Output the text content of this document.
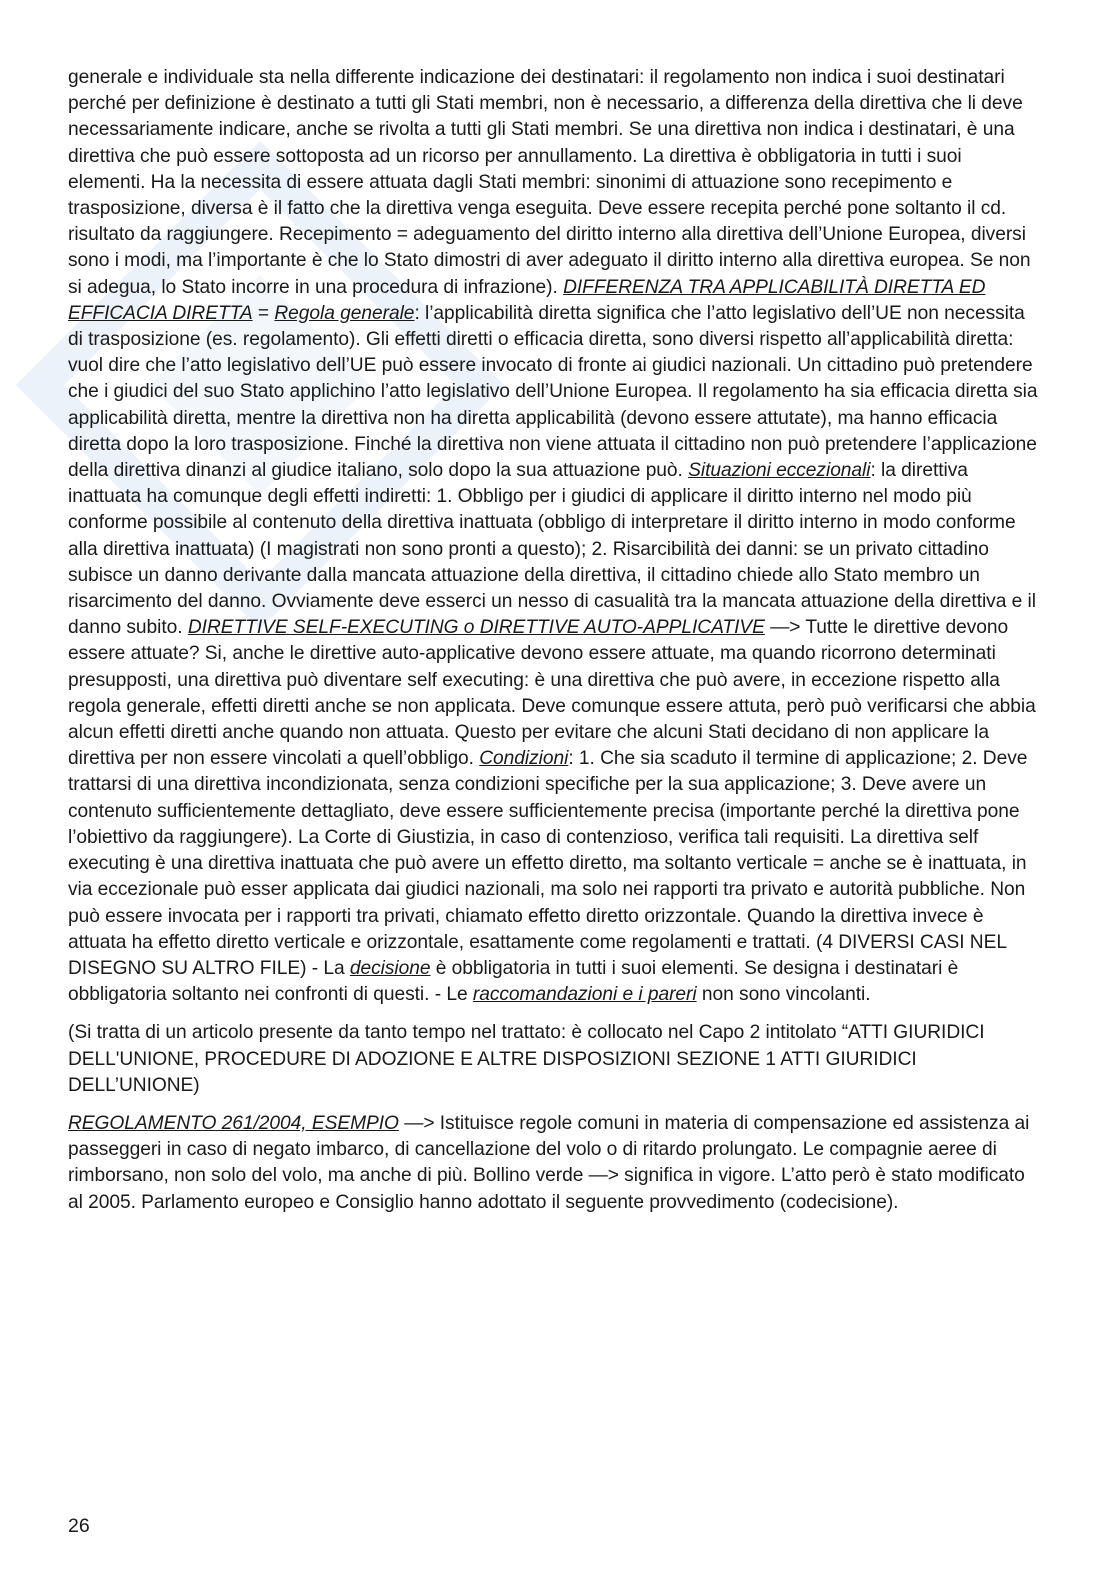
generale e individuale sta nella differente indicazione dei destinatari: il regolamento non indica i suoi destinatari perché per definizione è destinato a tutti gli Stati membri, non è necessario, a differenza della direttiva che li deve necessariamente indicare, anche se rivolta a tutti gli Stati membri. Se una direttiva non indica i destinatari, è una direttiva che può essere sottoposta ad un ricorso per annullamento. La direttiva è obbligatoria in tutti i suoi elementi. Ha la necessita di essere attuata dagli Stati membri: sinonimi di attuazione sono recepimento e trasposizione, diversa è il fatto che la direttiva venga eseguita. Deve essere recepita perché pone soltanto il cd. risultato da raggiungere. Recepimento = adeguamento del diritto interno alla direttiva dell’Unione Europea, diversi sono i modi, ma l’importante è che lo Stato dimostri di aver adeguato il diritto interno alla direttiva europea. Se non si adegua, lo Stato incorre in una procedura di infrazione). DIFFERENZA TRA APPLICABILITÀ DIRETTA ED EFFICACIA DIRETTA = Regola generale: l’applicabilità diretta significa che l’atto legislativo dell’UE non necessita di trasposizione (es. regolamento). Gli effetti diretti o efficacia diretta, sono diversi rispetto all’applicabilità diretta: vuol dire che l’atto legislativo dell’UE può essere invocato di fronte ai giudici nazionali. Un cittadino può pretendere che i giudici del suo Stato applichino l’atto legislativo dell’Unione Europea. Il regolamento ha sia efficacia diretta sia applicabilità diretta, mentre la direttiva non ha diretta applicabilità (devono essere attutate), ma hanno efficacia diretta dopo la loro trasposizione. Finché la direttiva non viene attuata il cittadino non può pretendere l’applicazione della direttiva dinanzi al giudice italiano, solo dopo la sua attuazione può. Situazioni eccezionali: la direttiva inattuata ha comunque degli effetti indiretti: 1. Obbligo per i giudici di applicare il diritto interno nel modo più conforme possibile al contenuto della direttiva inattuata (obbligo di interpretare il diritto interno in modo conforme alla direttiva inattuata) (I magistrati non sono pronti a questo); 2. Risarcibilità dei danni: se un privato cittadino subisce un danno derivante dalla mancata attuazione della direttiva, il cittadino chiede allo Stato membro un risarcimento del danno. Ovviamente deve esserci un nesso di casualità tra la mancata attuazione della direttiva e il danno subito. DIRETTIVE SELF-EXECUTING o DIRETTIVE AUTO-APPLICATIVE —> Tutte le direttive devono essere attuate? Si, anche le direttive auto-applicative devono essere attuate, ma quando ricorrono determinati presupposti, una direttiva può diventare self executing: è una direttiva che può avere, in eccezione rispetto alla regola generale, effetti diretti anche se non applicata. Deve comunque essere attuta, però può verificarsi che abbia alcun effetti diretti anche quando non attuata. Questo per evitare che alcuni Stati decidano di non applicare la direttiva per non essere vincolati a quell’obbligo. Condizioni: 1. Che sia scaduto il termine di applicazione; 2. Deve trattarsi di una direttiva incondizionata, senza condizioni specifiche per la sua applicazione; 3. Deve avere un contenuto sufficientemente dettagliato, deve essere sufficientemente precisa (importante perché la direttiva pone l’obiettivo da raggiungere). La Corte di Giustizia, in caso di contenzioso, verifica tali requisiti. La direttiva self executing è una direttiva inattuata che può avere un effetto diretto, ma soltanto verticale = anche se è inattuata, in via eccezionale può esser applicata dai giudici nazionali, ma solo nei rapporti tra privato e autorità pubbliche. Non può essere invocata per i rapporti tra privati, chiamato effetto diretto orizzontale. Quando la direttiva invece è attuata ha effetto diretto verticale e orizzontale, esattamente come regolamenti e trattati. (4 DIVERSI CASI NEL DISEGNO SU ALTRO FILE) - La decisione è obbligatoria in tutti i suoi elementi. Se designa i destinatari è obbligatoria soltanto nei confronti di questi. - Le raccomandazioni e i pareri non sono vincolanti.

(Si tratta di un articolo presente da tanto tempo nel trattato: è collocato nel Capo 2 intitolato “ATTI GIURIDICI DELL'UNIONE, PROCEDURE DI ADOZIONE E ALTRE DISPOSIZIONI SEZIONE 1 ATTI GIURIDICI DELL’UNIONE)

REGOLAMENTO 261/2004, ESEMPIO —> Istituisce regole comuni in materia di compensazione ed assistenza ai passeggeri in caso di negato imbarco, di cancellazione del volo o di ritardo prolungato. Le compagnie aeree di rimborsano, non solo del volo, ma anche di più. Bollino verde —> significa in vigore. L’atto però è stato modificato al 2005. Parlamento europeo e Consiglio hanno adottato il seguente provvedimento (codecisione).

26
